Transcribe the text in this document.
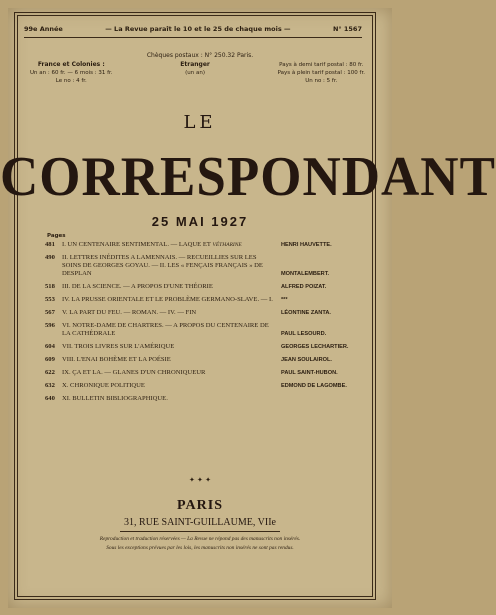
99e Année	— La Revue paraît le 10 et le 25 de chaque mois —	N° 1567
Chèques postaux : N° 250.32 Paris.
France et Colonies :
Un an : 60 fr. — 6 mois : 31 fr.
Le no : 4 fr.
Etranger
(un an)
Pays à demi tarif postal : 80 fr.
Pays à plein tarif postal : 100 fr.
Un no : 5 fr.
LE
CORRESPONDANT
25 MAI 1927
Pages
481	I. UN CENTENAIRE SENTIMENTAL. — LAQUE ET VÉTHARINE	HENRI HAUVETTE.
490	II. LETTRES INÉDITES A LAMENNAIS. — RECUEILLIES SUR LES SOINS DE GEORGES GOYAU. — II. LES « FENÇAIS FRANÇAIS » DE DESPLAN	MONTALEMBERT.
518	III. DE LA SCIENCE. — A PROPOS D'UNE THÉORIE	ALFRED POIZAT.
553	IV. LA PRUSSE ORIENTALE ET LE PROBLÈME GERMANO-SLAVE. — I.	***
567	V. LA PART DU FEU. — ROMAN. — IV. — FIN	LÉONTINE ZANTA.
596	VI. NOTRE-DAME DE CHARTRES. — A PROPOS DU CENTENAIRE DE LA CATHÉDRALE	PAUL LESOURD.
604	VII. TROIS LIVRES SUR L'AMÉRIQUE	GEORGES LECHARTIER.
609	VIII. L'ENAI BOHÈME ET LA POÉSIE	JEAN SOULAIROL.
622	IX. ÇA ET LA. — GLANES D'UN CHRONIQUEUR	PAUL SAINT-HUBON.
632	X. CHRONIQUE POLITIQUE	EDMOND DE LAGOMBE.
640	XI. BULLETIN BIBLIOGRAPHIQUE.
✦ ✦ ✦
PARIS
31, RUE SAINT-GUILLAUME, VIIe
Reproduction et traduction réservées — La Revue ne répond pas des manuscrits non insérés.
Sous les exceptions prévues par les lois, les manuscrits non insérés ne sont pas rendus.
